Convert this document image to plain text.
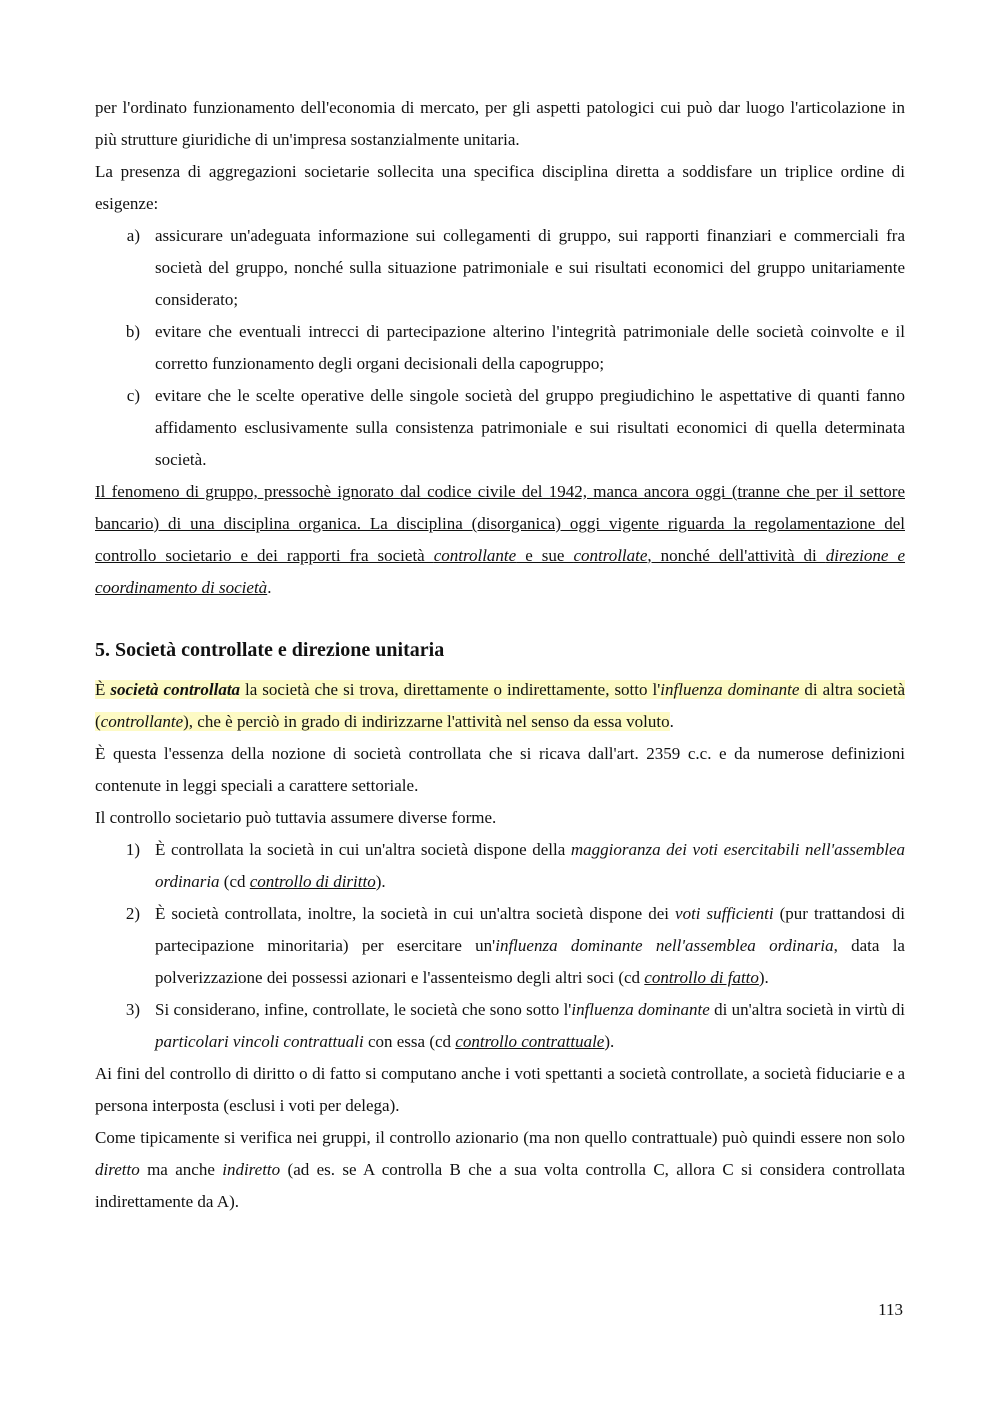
per l'ordinato funzionamento dell'economia di mercato, per gli aspetti patologici cui può dar luogo l'articolazione in più strutture giuridiche di un'impresa sostanzialmente unitaria.

La presenza di aggregazioni societarie sollecita una specifica disciplina diretta a soddisfare un triplice ordine di esigenze:

a) assicurare un'adeguata informazione sui collegamenti di gruppo, sui rapporti finanziari e commerciali fra società del gruppo, nonché sulla situazione patrimoniale e sui risultati economici del gruppo unitariamente considerato;
b) evitare che eventuali intrecci di partecipazione alterino l'integrità patrimoniale delle società coinvolte e il corretto funzionamento degli organi decisionali della capogruppo;
c) evitare che le scelte operative delle singole società del gruppo pregiudichino le aspettative di quanti fanno affidamento esclusivamente sulla consistenza patrimoniale e sui risultati economici di quella determinata società.

Il fenomeno di gruppo, pressochè ignorato dal codice civile del 1942, manca ancora oggi (tranne che per il settore bancario) di una disciplina organica. La disciplina (disorganica) oggi vigente riguarda la regolamentazione del controllo societario e dei rapporti fra società controllante e sue controllate, nonché dell'attività di direzione e coordinamento di società.

5. Società controllate e direzione unitaria

È società controllata la società che si trova, direttamente o indirettamente, sotto l'influenza dominante di altra società (controllante), che è perciò in grado di indirizzarne l'attività nel senso da essa voluto.

È questa l'essenza della nozione di società controllata che si ricava dall'art. 2359 c.c. e da numerose definizioni contenute in leggi speciali a carattere settoriale.

Il controllo societario può tuttavia assumere diverse forme.

1) È controllata la società in cui un'altra società dispone della maggioranza dei voti esercitabili nell'assemblea ordinaria (cd controllo di diritto).
2) È società controllata, inoltre, la società in cui un'altra società dispone dei voti sufficienti (pur trattandosi di partecipazione minoritaria) per esercitare un'influenza dominante nell'assemblea ordinaria, data la polverizzazione dei possessi azionari e l'assenteismo degli altri soci (cd controllo di fatto).
3) Si considerano, infine, controllate, le società che sono sotto l'influenza dominante di un'altra società in virtù di particolari vincoli contrattuali con essa (cd controllo contrattuale).

Ai fini del controllo di diritto o di fatto si computano anche i voti spettanti a società controllate, a società fiduciarie e a persona interposta (esclusi i voti per delega).

Come tipicamente si verifica nei gruppi, il controllo azionario (ma non quello contrattuale) può quindi essere non solo diretto ma anche indiretto (ad es. se A controlla B che a sua volta controlla C, allora C si considera controllata indirettamente da A).

113
